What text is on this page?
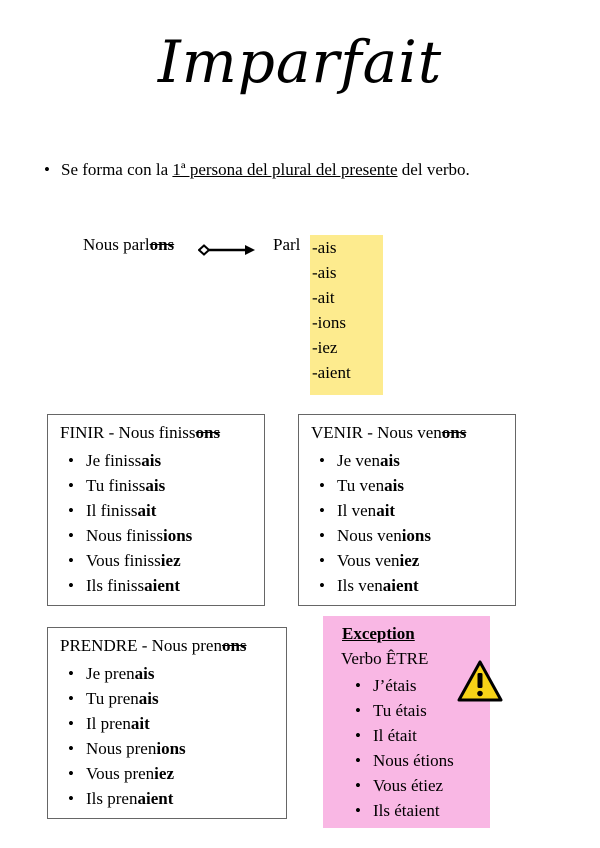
Imparfait
• Se forma con la 1ª persona del plural del presente del verbo.
Nous parlons	Parl -ais
-ais
-ait
-ions
-iez
-aient
FINIR - Nous finissons
• Je finissais
• Tu finissais
• Il finissait
• Nous finissions
• Vous finissiez
• Ils finissaient
VENIR - Nous venons
• Je venais
• Tu venais
• Il venait
• Nous venions
• Vous veniez
• Ils venaient
PRENDRE - Nous prenons
• Je prenais
• Tu prenais
• Il prenait
• Nous prenions
• Vous preniez
• Ils prenaient
Exception
Verbo ÊTRE
• J’étais
• Tu étais
• Il était
• Nous étions
• Vous étiez
• Ils étaient
